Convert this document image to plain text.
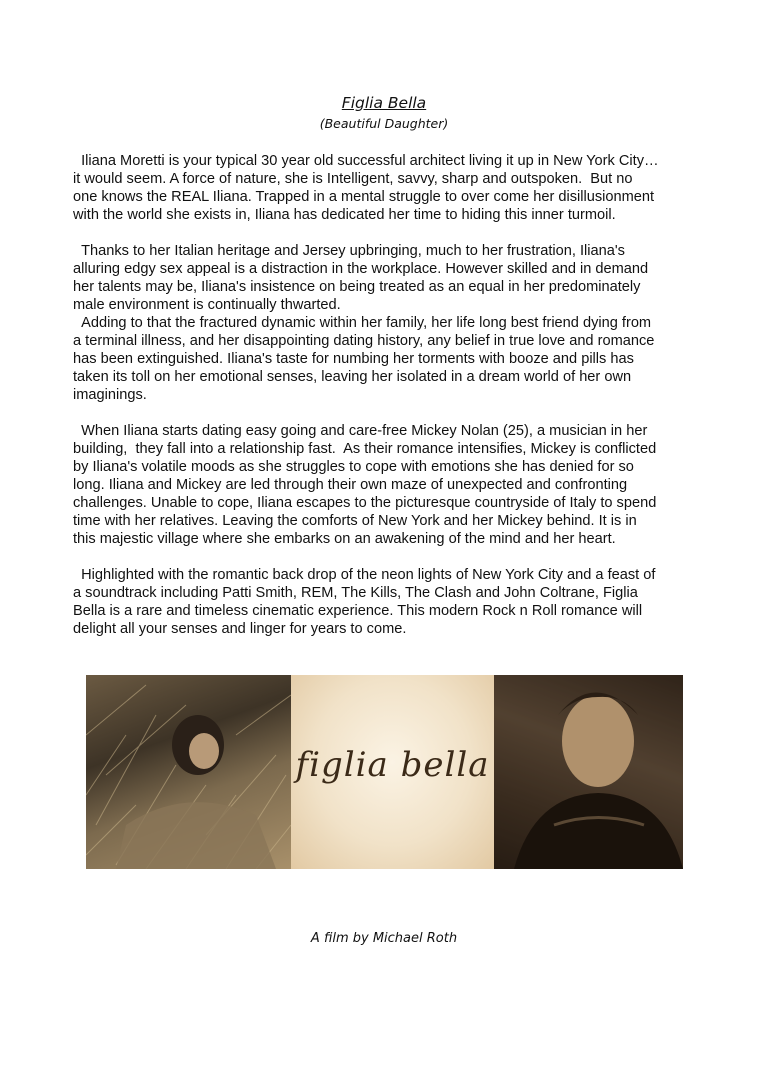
Figlia Bella
(Beautiful Daughter)

Iliana Moretti is your typical 30 year old successful architect living it up in New York City…
it would seem. A force of nature, she is Intelligent, savvy, sharp and outspoken.  But no
one knows the REAL Iliana. Trapped in a mental struggle to over come her disillusionment
with the world she exists in, Iliana has dedicated her time to hiding this inner turmoil.

Thanks to her Italian heritage and Jersey upbringing, much to her frustration, Iliana's
alluring edgy sex appeal is a distraction in the workplace. However skilled and in demand
her talents may be, Iliana's insistence on being treated as an equal in her predominately
male environment is continually thwarted.

Adding to that the fractured dynamic within her family, her life long best friend dying from
a terminal illness, and her disappointing dating history, any belief in true love and romance
has been extinguished. Iliana's taste for numbing her torments with booze and pills has
taken its toll on her emotional senses, leaving her isolated in a dream world of her own
imaginings.

When Iliana starts dating easy going and care-free Mickey Nolan (25), a musician in her
building,  they fall into a relationship fast.  As their romance intensifies, Mickey is conflicted
by Iliana's volatile moods as she struggles to cope with emotions she has denied for so
long. Iliana and Mickey are led through their own maze of unexpected and confronting
challenges. Unable to cope, Iliana escapes to the picturesque countryside of Italy to spend
time with her relatives. Leaving the comforts of New York and her Mickey behind. It is in
this majestic village where she embarks on an awakening of the mind and her heart.

Highlighted with the romantic back drop of the neon lights of New York City and a feast of
a soundtrack including Patti Smith, REM, The Kills, The Clash and John Coltrane, Figlia
Bella is a rare and timeless cinematic experience. This modern Rock n Roll romance will
delight all your senses and linger for years to come.

figlia bella
A film by Michael Roth
